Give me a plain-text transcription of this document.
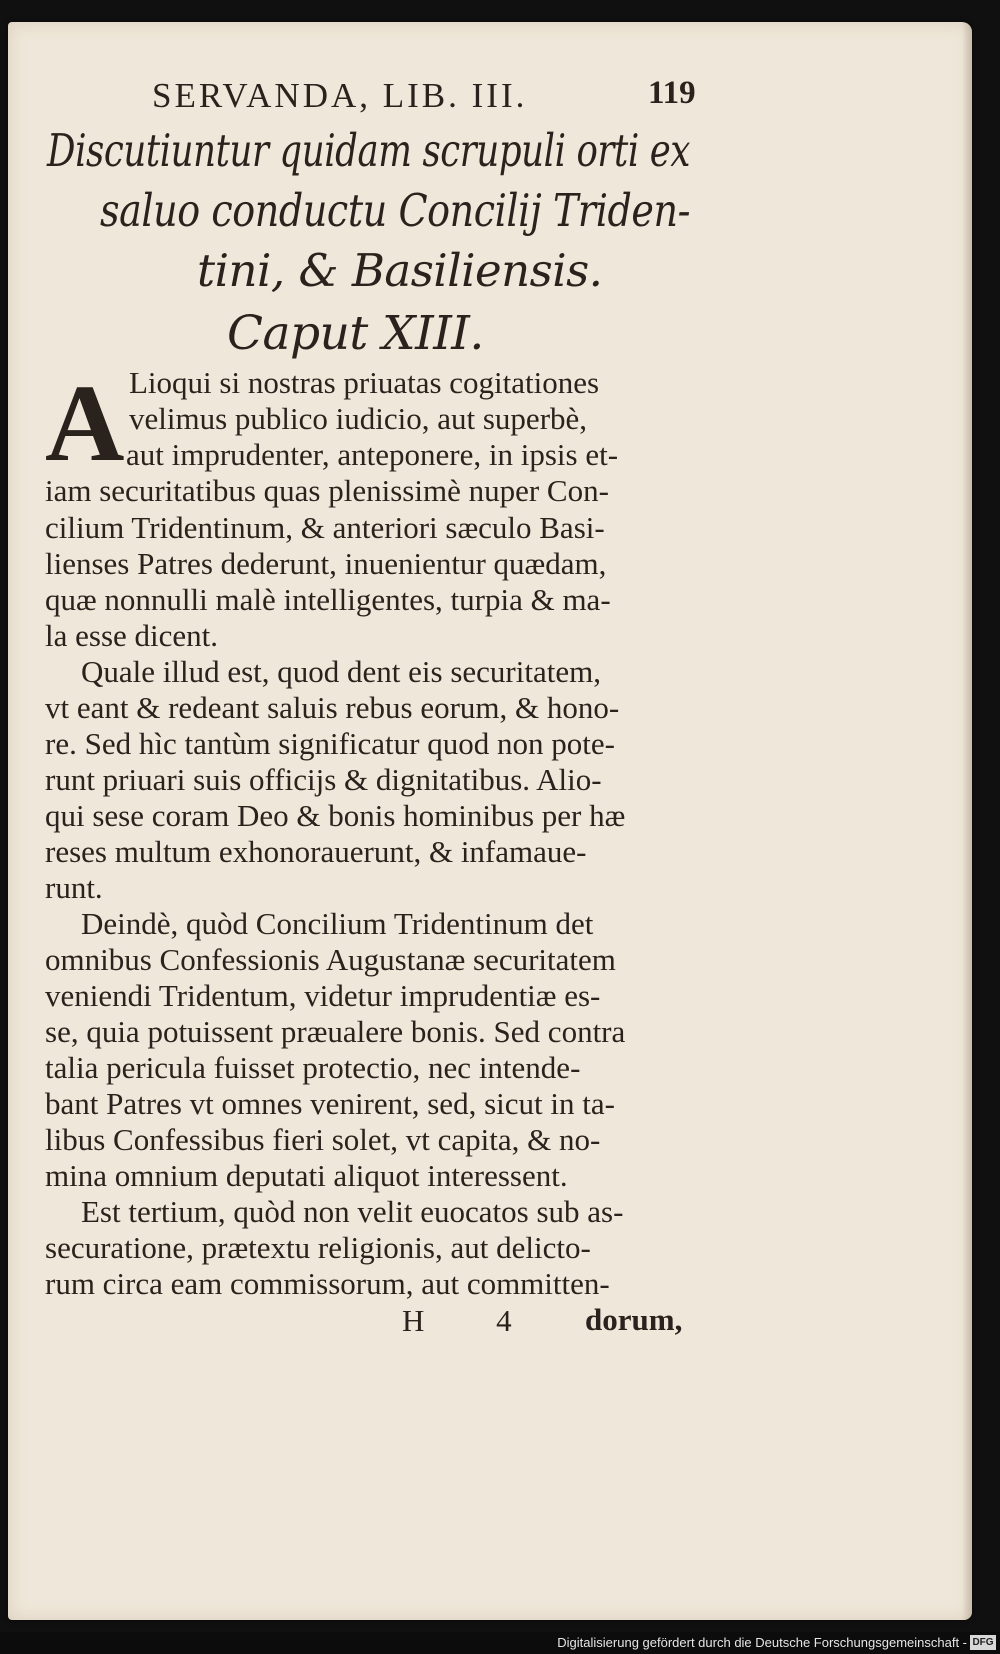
SERVANDA, LIB. III.	119
Discutiuntur quidam scrupuli orti ex
saluo conductu Concilij Triden-
tini, & Basiliensis.
Caput XIII.
A Lioqui si nostras priuatas cogitationes

velimus publico iudicio, aut superbè,

aut imprudenter, anteponere, in ipsis et-

iam securitatibus quas plenissimè nuper Con-

cilium Tridentinum, & anteriori sæculo Basi-

lienses Patres dederunt, inuenientur quædam,

quæ nonnulli malè intelligentes, turpia & ma-

la esse dicent.

Quale illud est, quod dent eis securitatem,

vt eant & redeant saluis rebus eorum, & hono-

re. Sed hìc tantùm significatur quod non pote-

runt priuari suis officijs & dignitatibus. Alio-

qui sese coram Deo & bonis hominibus per hæ

reses multum exhonorauerunt, & infamaue-

runt.

Deindè, quòd Concilium Tridentinum det

omnibus Confessionis Augustanæ securitatem

veniendi Tridentum, videtur imprudentiæ es-

se, quia potuissent præualere bonis. Sed contra

talia pericula fuisset protectio, nec intende-

bant Patres vt omnes venirent, sed, sicut in ta-

libus Confessibus fieri solet, vt capita, & no-

mina omnium deputati aliquot interessent.

Est tertium, quòd non velit euocatos sub as-

securatione, prætextu religionis, aut delicto-

rum circa eam commissorum, aut committen-

H 4 dorum,
Digitalisierung gefördert durch die Deutsche Forschungsgemeinschaft - DFG
